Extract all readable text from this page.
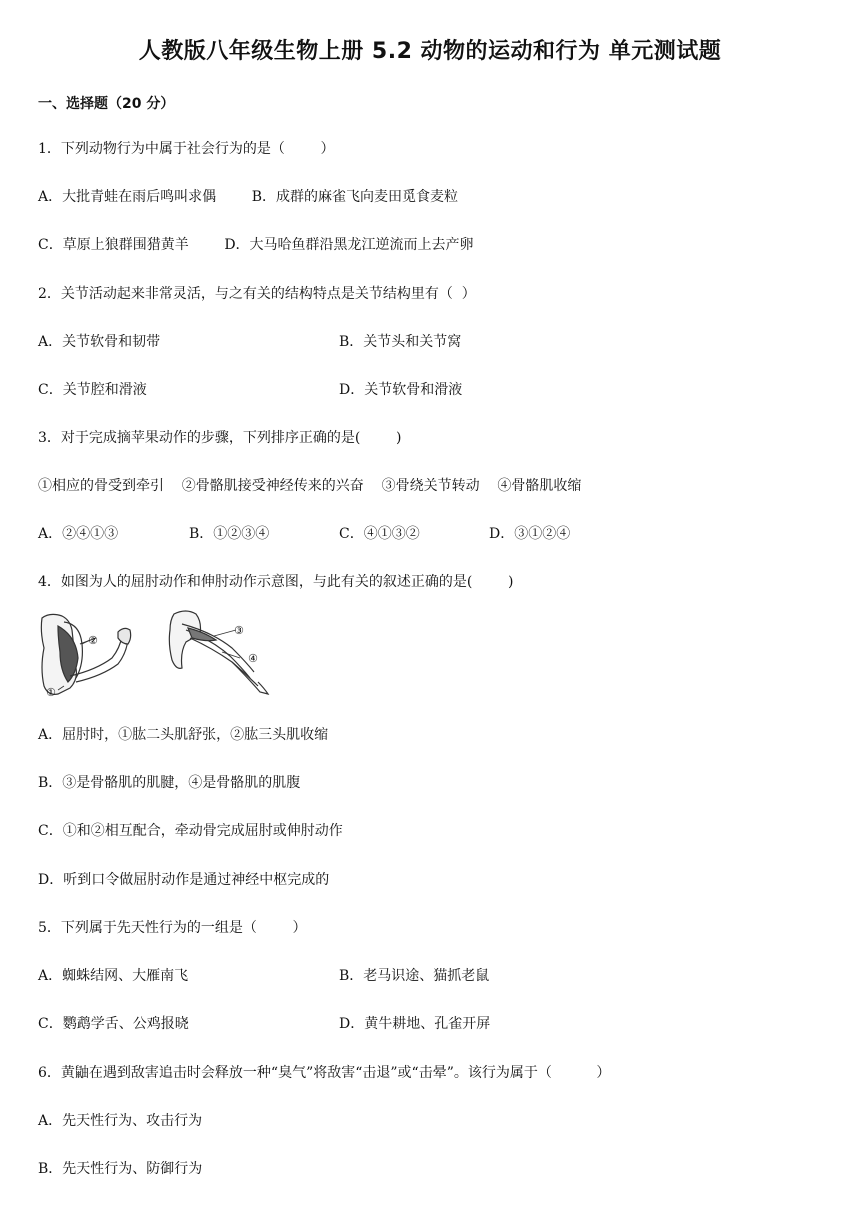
人教版八年级生物上册 5.2 动物的运动和行为 单元测试题
一、选择题（20 分）
1．下列动物行为中属于社会行为的是（        ）
A．大批青蛙在雨后鸣叫求偶        B．成群的麻雀飞向麦田觅食麦粒
C．草原上狼群围猎黄羊        D．大马哈鱼群沿黑龙江逆流而上去产卵
2．关节活动起来非常灵活，与之有关的结构特点是关节结构里有（  ）
A．关节软骨和韧带	B．关节头和关节窝
C．关节腔和滑液	D．关节软骨和滑液
3．对于完成摘苹果动作的步骤，下列排序正确的是(        )
①相应的骨受到牵引    ②骨骼肌接受神经传来的兴奋    ③骨绕关节转动    ④骨骼肌收缩
A．②④①③	B．①②③④	C．④①③②	D．③①②④
4．如图为人的屈肘动作和伸肘动作示意图，与此有关的叙述正确的是(        )
②
①
③
④
A．屈肘时，①肱二头肌舒张，②肱三头肌收缩
B．③是骨骼肌的肌腱，④是骨骼肌的肌腹
C．①和②相互配合，牵动骨完成屈肘或伸肘动作
D．听到口令做屈肘动作是通过神经中枢完成的
5．下列属于先天性行为的一组是（        ）
A．蜘蛛结网、大雁南飞	B．老马识途、猫抓老鼠
C．鹦鹉学舌、公鸡报晓	D．黄牛耕地、孔雀开屏
6．黄鼬在遇到敌害追击时会释放一种“臭气”将敌害“击退”或“击晕”。该行为属于（          ）
A．先天性行为、攻击行为
B．先天性行为、防御行为
